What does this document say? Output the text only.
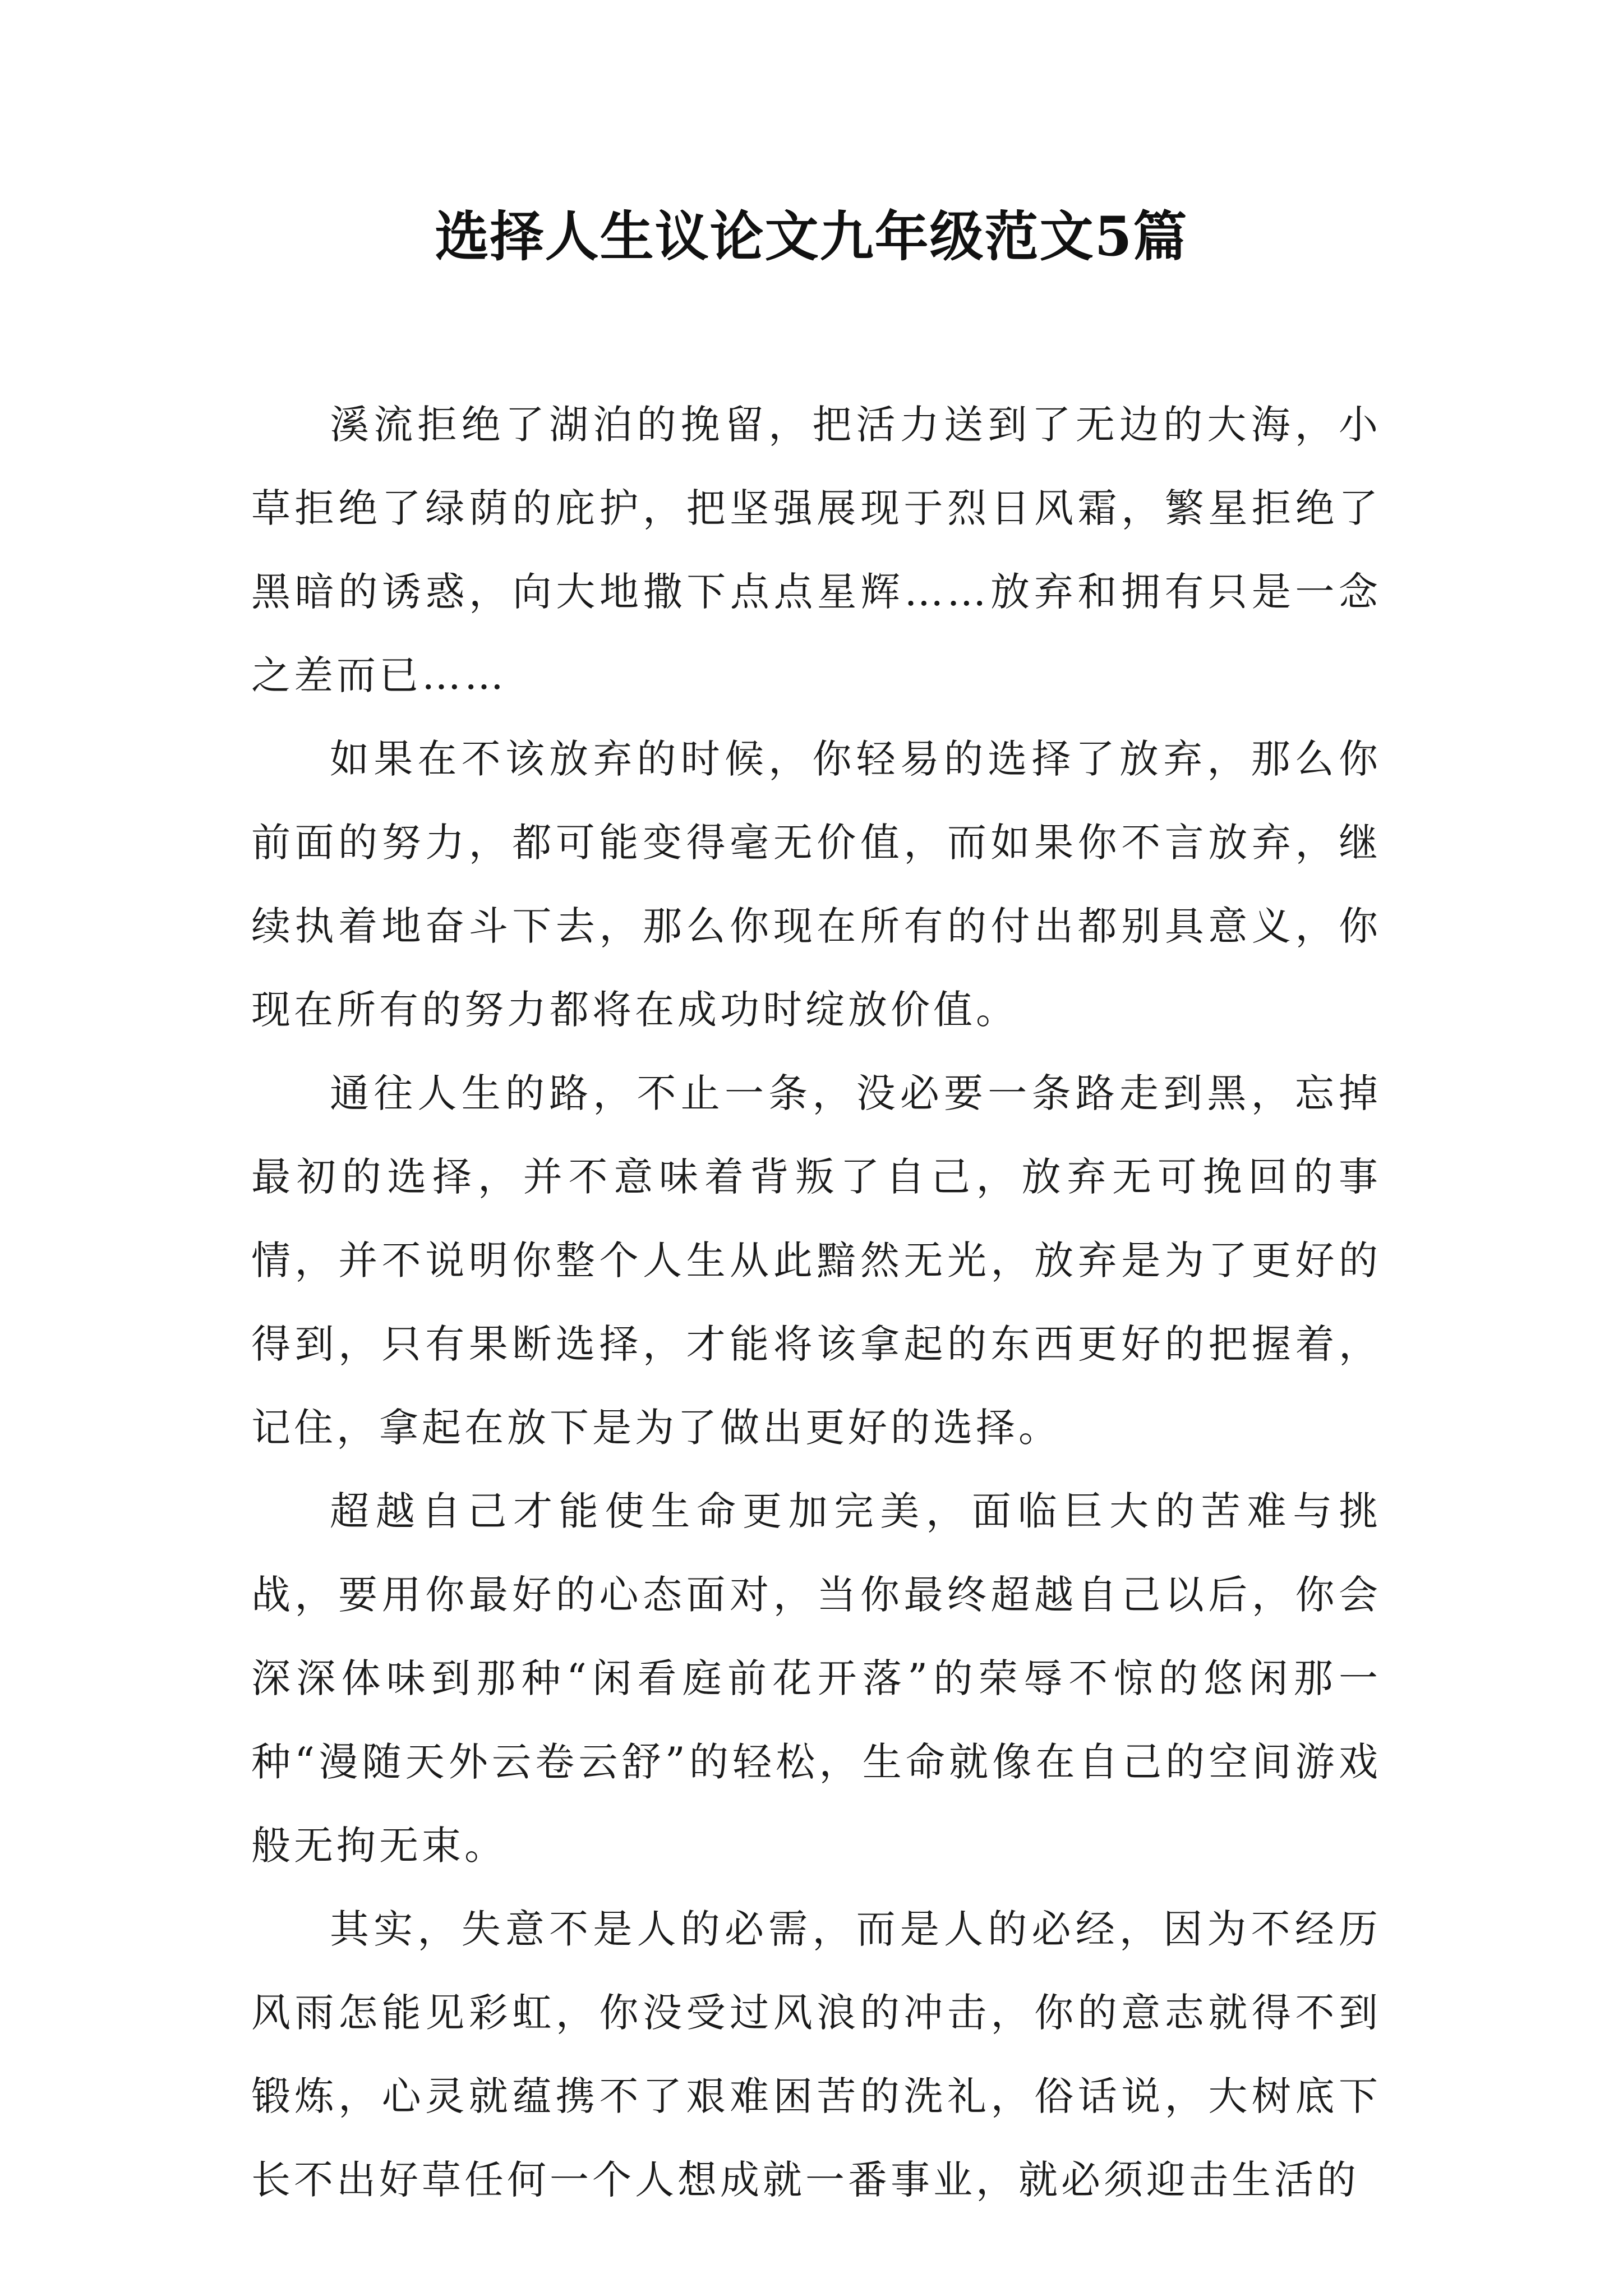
选择人生议论文九年级范文5篇

溪流拒绝了湖泊的挽留，把活力送到了无边的大海，小草拒绝了绿荫的庇护，把坚强展现于烈日风霜，繁星拒绝了黑暗的诱惑，向大地撒下点点星辉……放弃和拥有只是一念之差而已……

如果在不该放弃的时候，你轻易的选择了放弃，那么你前面的努力，都可能变得毫无价值，而如果你不言放弃，继续执着地奋斗下去，那么你现在所有的付出都别具意义，你现在所有的努力都将在成功时绽放价值。

通往人生的路，不止一条，没必要一条路走到黑，忘掉最初的选择，并不意味着背叛了自己，放弃无可挽回的事情，并不说明你整个人生从此黯然无光，放弃是为了更好的得到，只有果断选择，才能将该拿起的东西更好的把握着，记住，拿起在放下是为了做出更好的选择。

超越自己才能使生命更加完美，面临巨大的苦难与挑战，要用你最好的心态面对，当你最终超越自己以后，你会深深体味到那种“闲看庭前花开落”的荣辱不惊的悠闲那一种“漫随天外云卷云舒”的轻松，生命就像在自己的空间游戏般无拘无束。

其实，失意不是人的必需，而是人的必经，因为不经历风雨怎能见彩虹，你没受过风浪的冲击，你的意志就得不到锻炼，心灵就蕴携不了艰难困苦的洗礼，俗话说，大树底下长不出好草任何一个人想成就一番事业，就必须迎击生活的
